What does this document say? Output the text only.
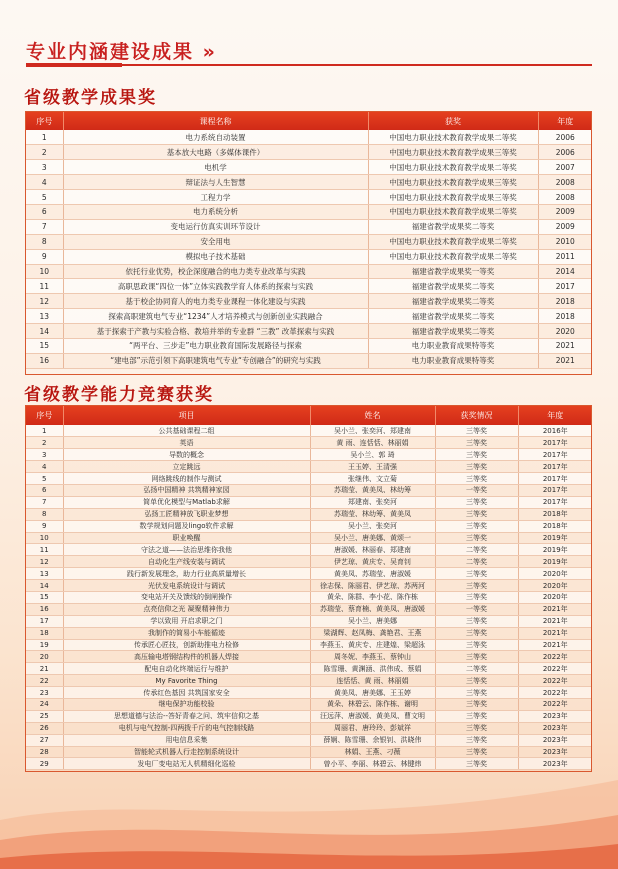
专业内涵建设成果 »
省级教学成果奖
序号	课程名称	获奖	年度
1	电力系统自动装置	中国电力职业技术教育教学成果二等奖	2006
2	基本放大电路（多媒体课件）	中国电力职业技术教育教学成果三等奖	2006
3	电机学	中国电力职业技术教育教学成果二等奖	2007
4	辩证法与人生智慧	中国电力职业技术教育教学成果三等奖	2008
5	工程力学	中国电力职业技术教育教学成果三等奖	2008
6	电力系统分析	中国电力职业技术教育教学成果二等奖	2009
7	变电运行仿真实训环节设计	福建省教学成果奖二等奖	2009
8	安全用电	中国电力职业技术教育教学成果二等奖	2010
9	模拟电子技术基础	中国电力职业技术教育教学成果二等奖	2011
10	依托行业优势，校企深度融合的电力类专业改革与实践	福建省教学成果奖一等奖	2014
11	高职思政课“四位一体”立体实践教学育人体系的探索与实践	福建省教学成果奖二等奖	2017
12	基于校企协同育人的电力类专业课程一体化建设与实践	福建省教学成果奖二等奖	2018
13	探索高职建筑电气专业“1234”人才培养模式与创新创业实践融合	福建省教学成果奖二等奖	2018
14	基于探索于产教与实验合格、教培并举的专业群 “三教” 改革探索与实践	福建省教学成果奖二等奖	2020
15	“两平台、三步走”电力职业教育国际发展路径与探索	电力职业教育成果特等奖	2021
16	“建电部”示范引领下高职建筑电气专业“专创融合”的研究与实践	电力职业教育成果特等奖	2021
省级教学能力竞赛获奖
序号	项目	姓名	获奖情况	年度
1	公共基础课程二组	吴小兰、张奕河、郑建南	三等奖	2016年
2	英语	黄 雨、连恬恬、林丽娟	三等奖	2017年
3	导数的概念	吴小兰、郭 琦	三等奖	2017年
4	立定跳远	王玉婷、王清强	三等奖	2017年
5	网络跳线的制作与测试	张继伟、文立菊	三等奖	2017年
6	弘扬中国精神 共筑精神家园	苏瑞莹、黄美凤、林幼筹	一等奖	2017年
7	简单优化模型与Matlab求解	郑建南、张奕河	三等奖	2017年
8	弘扬工匠精神放飞职业梦想	苏瑞莹、林幼筹、黄美凤	三等奖	2018年
9	数学规划问题及lingo软件求解	吴小兰、张奕河	三等奖	2018年
10	职业唤醒	吴小兰、唐美娜、黄颂一	三等奖	2019年
11	守法之道——法治思维你我他	唐淑媛、林丽春、郑建南	二等奖	2019年
12	自动化生产线安装与调试	伊艺琼、黄庆专、吴育钊	二等奖	2019年
13	践行新发展理念，助力行业高质量增长	黄美凤、苏瑞莹、唐淑媛	三等奖	2020年
14	光伏发电系统设计与调试	徐志保、陈丽君、伊艺琼、苏两河	三等奖	2020年
15	变电站开关及馈线的倒闸操作	黄朵、陈群、李小花、陈作栋	三等奖	2020年
16	点亮信仰之光 凝聚精神伟力	苏瑞莹、蔡育楠、黄美凤、唐淑媛	一等奖	2021年
17	学以致用 开启求职之门	吴小兰、唐美娜	三等奖	2021年
18	我制作的简易小车能循迹	梁湖辉、赵凤梅、龚艳君、王燕	三等奖	2021年
19	传承匠心匠技，创新助推电力检修	李燕玉、黄庆专、庄建煌、梁超泳	三等奖	2021年
20	高压输电塔钢结构件的机器人焊接	周冬妮、李燕玉、蔡钟山	三等奖	2022年
21	配电自动化终端运行与维护	陈雪珊、黄渊涵、洪伟成、蔡娟	二等奖	2022年
22	My Favorite Thing	连恬恬、黄 雨、林丽娟	三等奖	2022年
23	传承红色基因 共筑国家安全	黄美凤、唐美娜、王玉婷	三等奖	2022年
24	继电保护功能校验	黄朵、林碧云、陈作栋、谢明	三等奖	2022年
25	思想道德与法治--答好青春之问、筑牢信仰之基	汪远萍、唐淑媛、黄美凤、曹文明	三等奖	2023年
26	电机与电气控制-四两拨千斤的电气控制线路	周丽君、唐玲玲、彭斌祥	三等奖	2023年
27	用电信息采集	薛娴、陈雪珊、余银钊、洪晓伟	三等奖	2023年
28	智能轮式机器人行走控制系统设计	林娟、王燕、刁薇	三等奖	2023年
29	发电厂变电站无人机精细化巡检	曾小平、李丽、林碧云、林键炜	三等奖	2023年
